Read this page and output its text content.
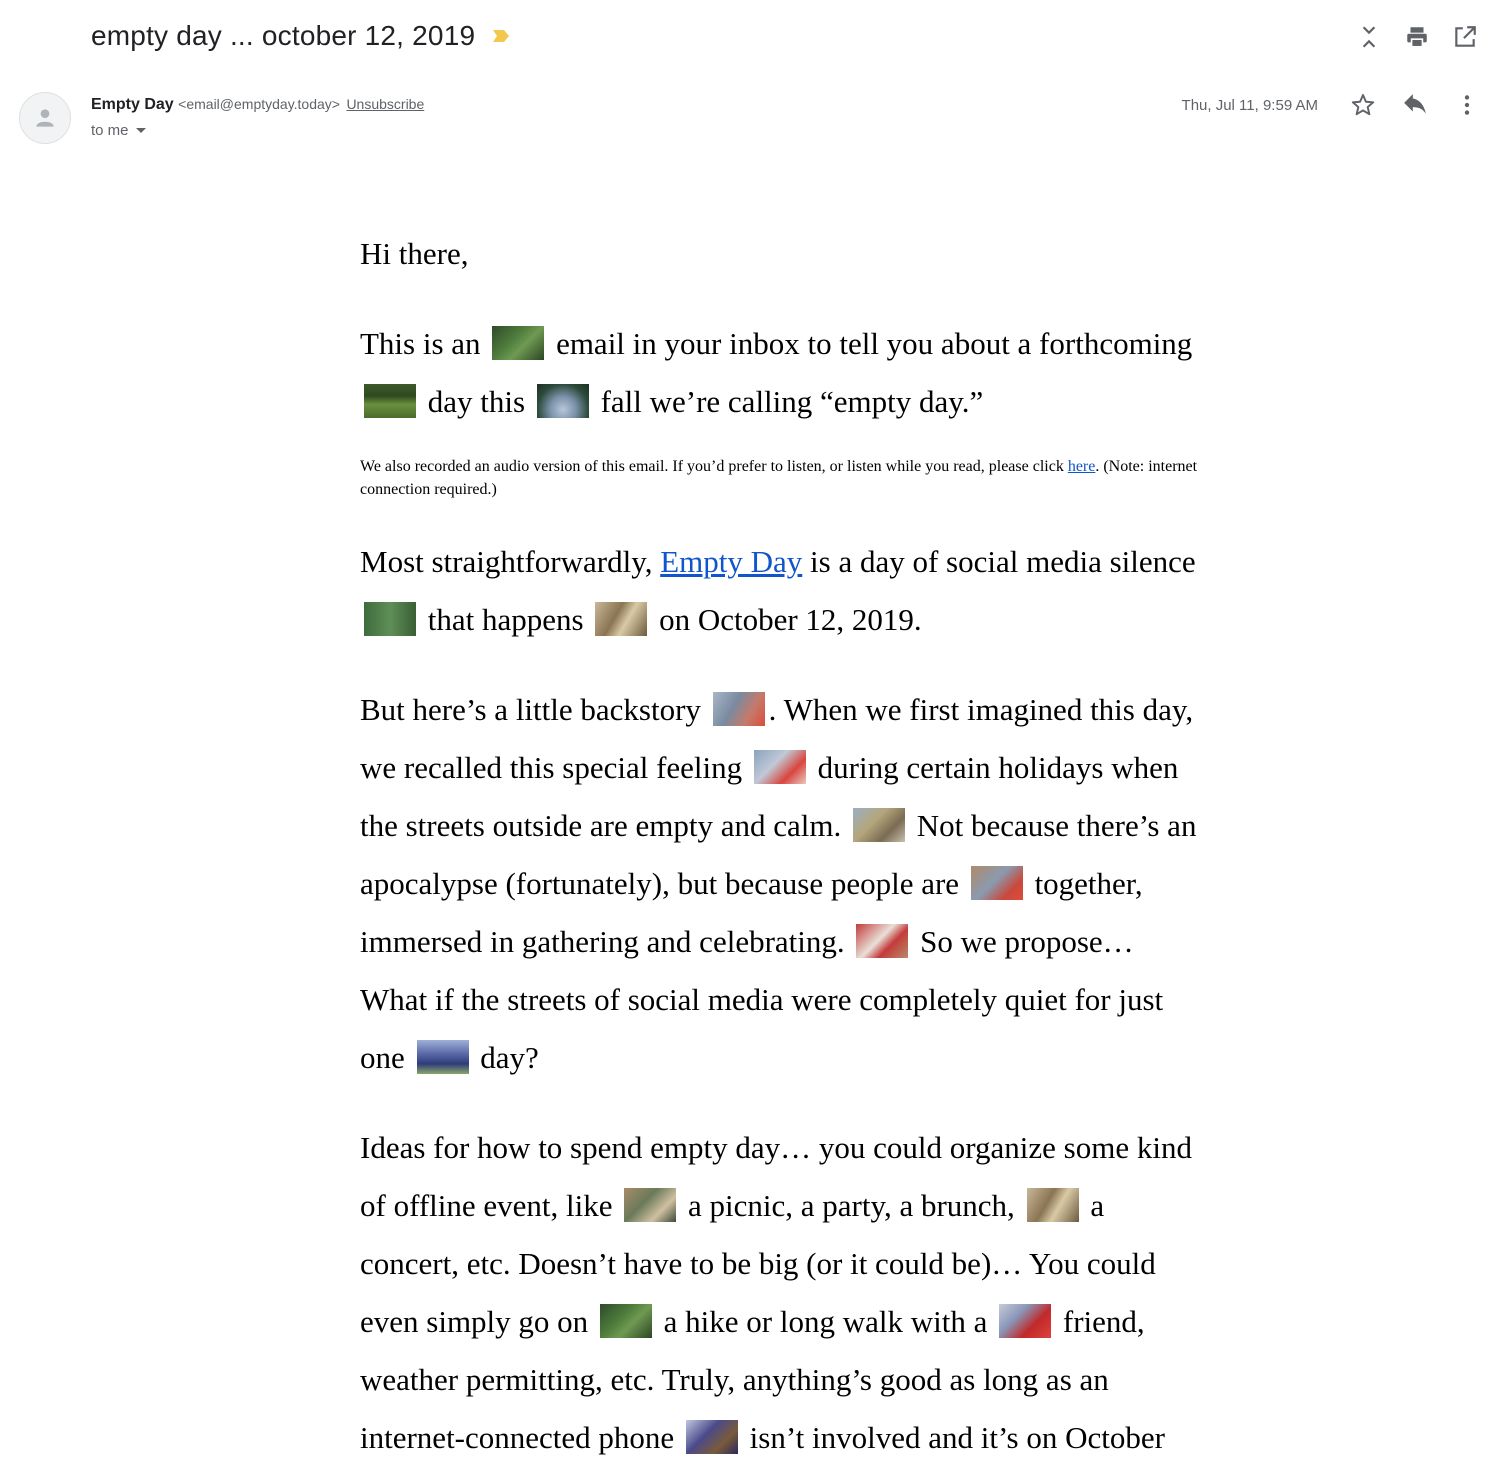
empty day ... october 12, 2019
Empty Day <email@emptyday.today> Unsubscribe
to me
Thu, Jul 11, 9:59 AM

Hi there,

This is an  email in your inbox to tell you about a forthcoming  day this  fall we’re calling “empty day.”

We also recorded an audio version of this email. If you’d prefer to listen, or listen while you read, please click here. (Note: internet connection required.)

Most straightforwardly, Empty Day is a day of social media silence  that happens  on October 12, 2019.

But here’s a little backstory . When we first imagined this day, we recalled this special feeling  during certain holidays when the streets outside are empty and calm.  Not because there’s an apocalypse (fortunately), but because people are  together, immersed in gathering and celebrating.  So we propose… What if the streets of social media were completely quiet for just one  day?

Ideas for how to spend empty day… you could organize some kind of offline event, like  a picnic, a party, a brunch,  a concert, etc. Doesn’t have to be big (or it could be)… You could even simply go on  a hike or long walk with a  friend, weather permitting, etc. Truly, anything’s good as long as an internet-connected phone  isn’t involved and it’s on October
